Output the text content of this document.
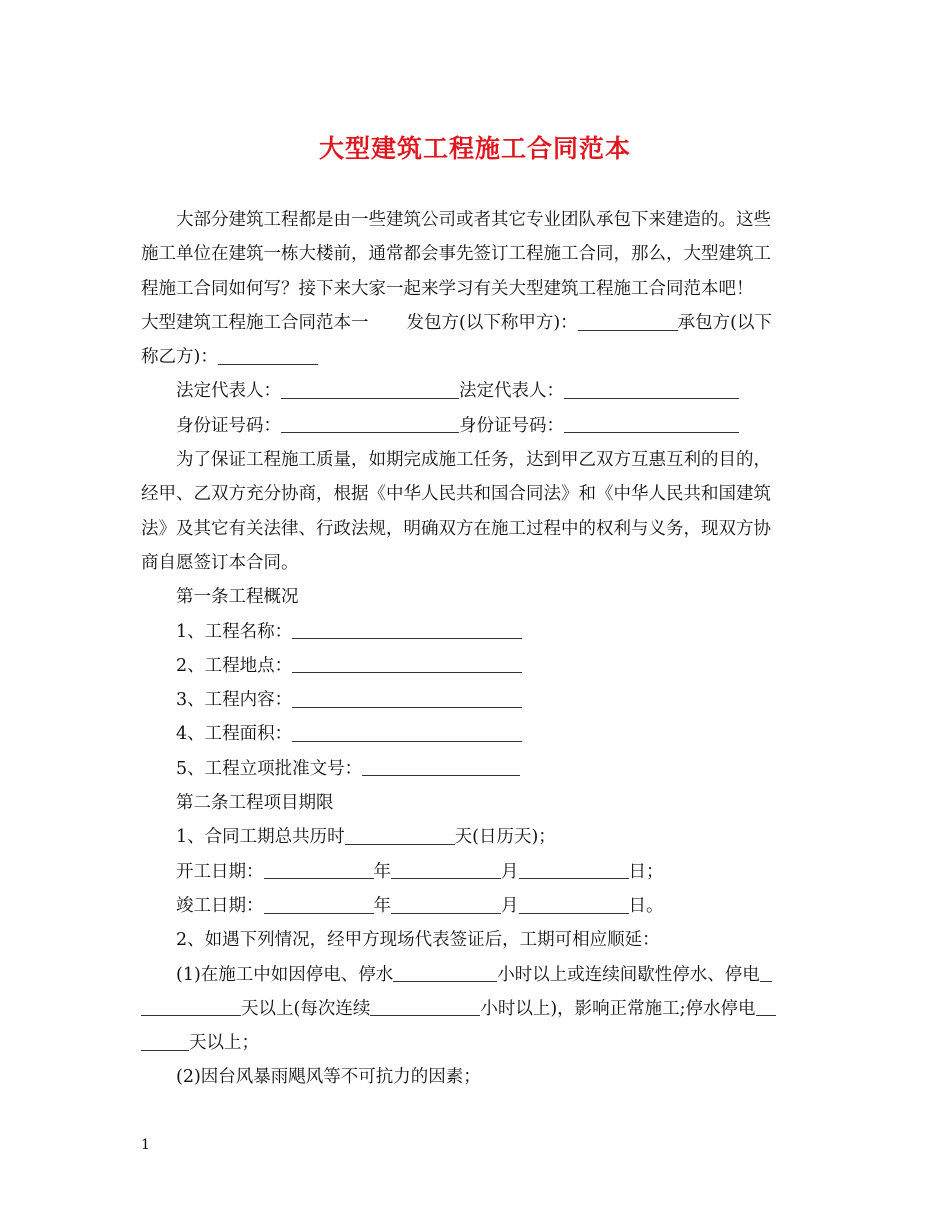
大型建筑工程施工合同范本

大部分建筑工程都是由一些建筑公司或者其它专业团队承包下来建造的。这些

施工单位在建筑一栋大楼前，通常都会事先签订工程施工合同，那么，大型建筑工

程施工合同如何写？接下来大家一起来学习有关大型建筑工程施工合同范本吧！

大型建筑工程施工合同范本一 发包方(以下称甲方)：	承包方(以下

称乙方)：

法定代表人：	法定代表人：

身份证号码：	身份证号码：

为了保证工程施工质量，如期完成施工任务，达到甲乙双方互惠互利的目的，

经甲、乙双方充分协商，根据《中华人民共和国合同法》和《中华人民共和国建筑

法》及其它有关法律、行政法规，明确双方在施工过程中的权利与义务，现双方协

商自愿签订本合同。

第一条工程概况

1、工程名称：

2、工程地点：

3、工程内容：

4、工程面积：

5、工程立项批准文号：

第二条工程项目期限

1、合同工期总共历时	天(日历天)；

开工日期：	年	月	日；

竣工日期：	年	月	日。

2、如遇下列情况，经甲方现场代表签证后，工期可相应顺延：

(1)在施工中如因停电、停水	小时以上或连续间歇性停水、停电

天以上(每次连续	小时以上)，影响正常施工;停水停电

天以上；

(2)因台风暴雨飓风等不可抗力的因素；

1
